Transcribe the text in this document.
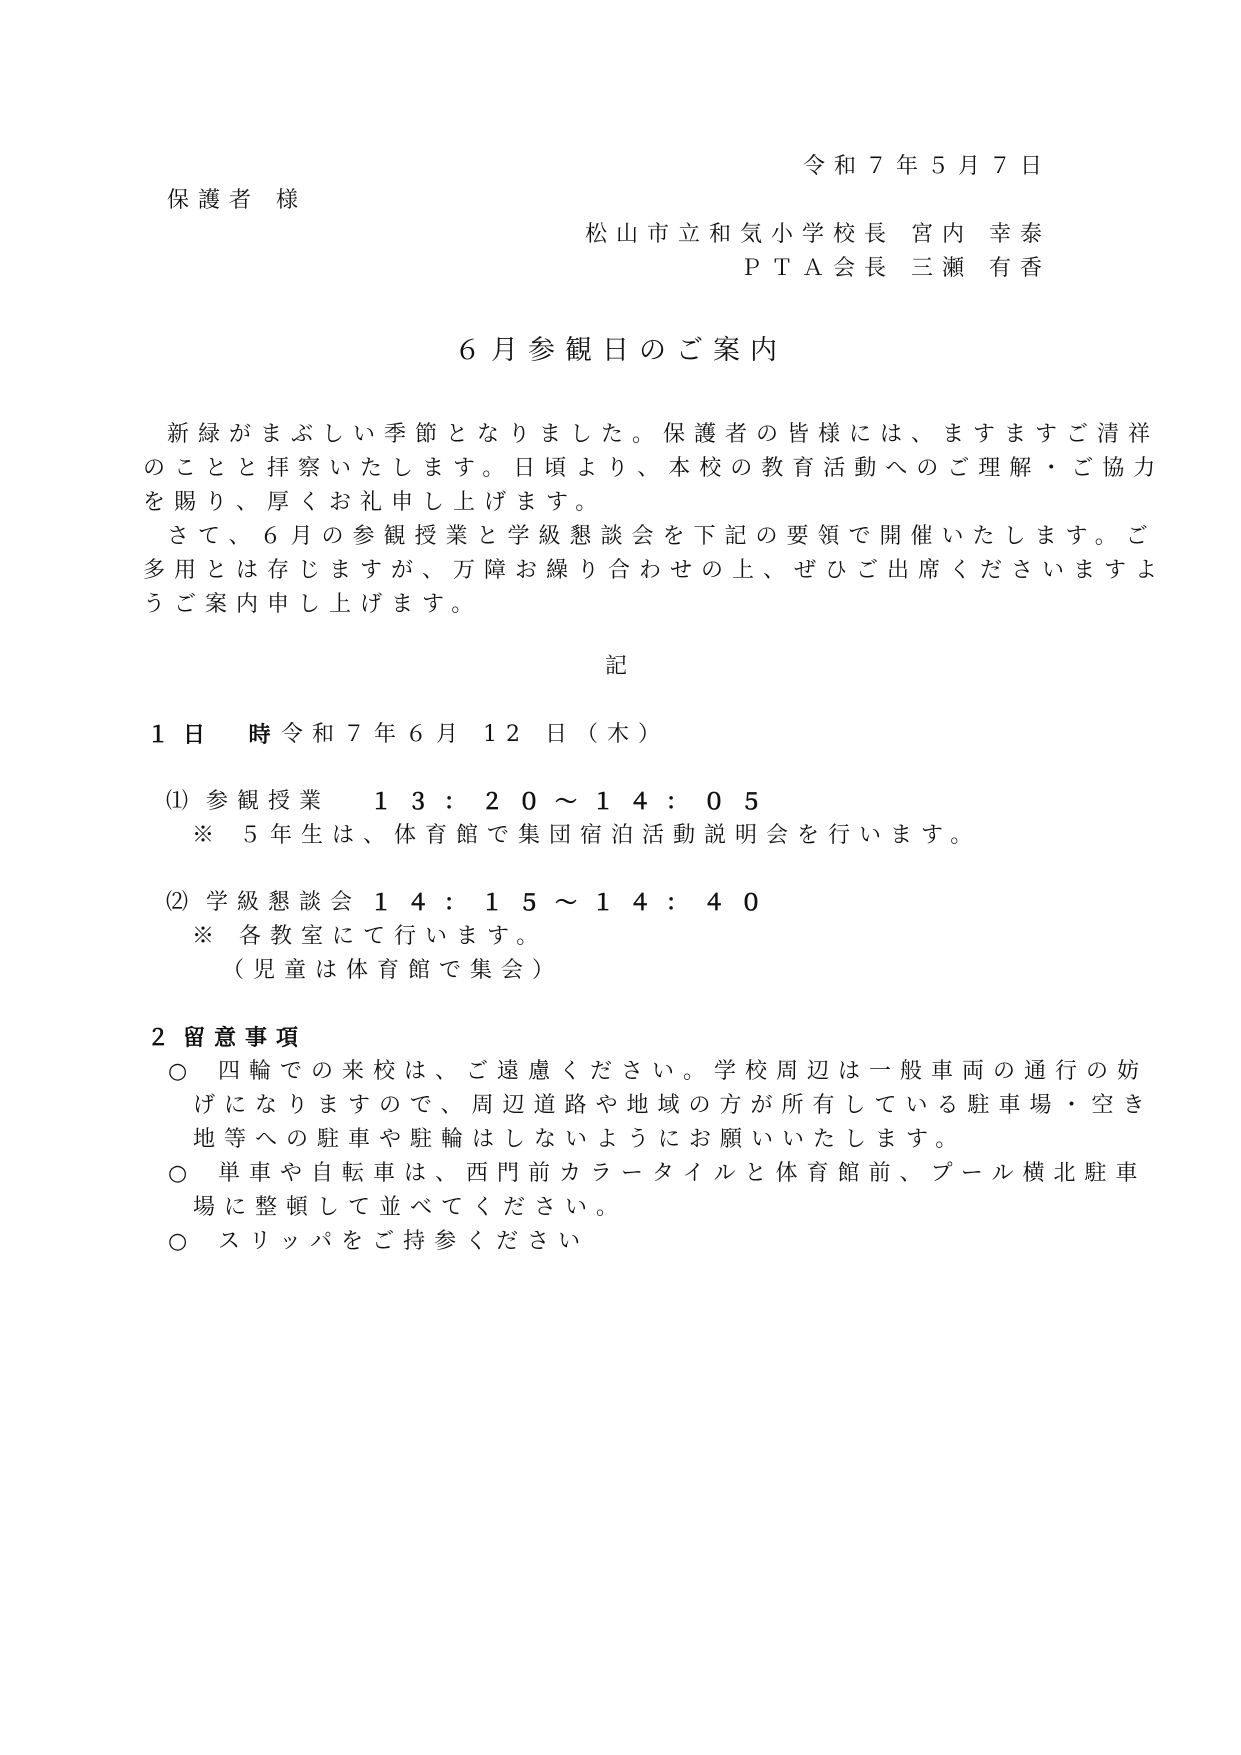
令和７年５月７日
保護者 様
松山市立和気小学校長 宮内 幸泰
ＰＴＡ会長 三瀬 有香
６月参観日のご案内
新緑がまぶしい季節となりました。保護者の皆様には、ますますご清祥
のことと拝察いたします。日頃より、本校の教育活動へのご理解・ご協力
を賜り、厚くお礼申し上げます。
さて、６月の参観授業と学級懇談会を下記の要領で開催いたします。ご
多用とは存じますが、万障お繰り合わせの上、ぜひご出席くださいますよ
うご案内申し上げます。
記
１ 日 時
令和７年６月 12 日（木）
⑴ 参観授業 １３：２０～１４：０５
※ ５年生は、体育館で集団宿泊活動説明会を行います。
⑵ 学級懇談会 １４：１５～１４：４０
※ 各教室にて行います。
（児童は体育館で集会）
２ 留意事項
○ 四輪での来校は、ご遠慮ください。学校周辺は一般車両の通行の妨
げになりますので、周辺道路や地域の方が所有している駐車場・空き
地等への駐車や駐輪はしないようにお願いいたします。
○ 単車や自転車は、西門前カラータイルと体育館前、プール横北駐車
場に整頓して並べてください。
○ スリッパをご持参ください
